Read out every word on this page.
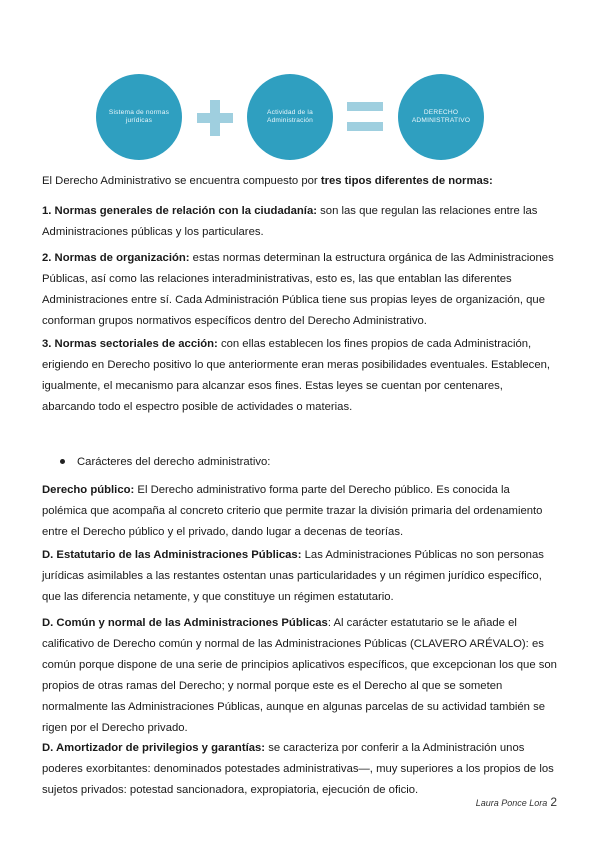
Sistema de normas jurídicas
Actividad de la Administración
DERECHO ADMINISTRATIVO

El Derecho Administrativo se encuentra compuesto por tres tipos diferentes de normas:

1. Normas generales de relación con la ciudadanía: son las que regulan las relaciones entre las Administraciones públicas y los particulares.

2. Normas de organización: estas normas determinan la estructura orgánica de las Administraciones Públicas, así como las relaciones interadministrativas, esto es, las que entablan las diferentes Administraciones entre sí. Cada Administración Pública tiene sus propias leyes de organización, que conforman grupos normativos específicos dentro del Derecho Administrativo.

3. Normas sectoriales de acción: con ellas establecen los fines propios de cada Administración, erigiendo en Derecho positivo lo que anteriormente eran meras posibilidades eventuales. Establecen, igualmente, el mecanismo para alcanzar esos fines. Estas leyes se cuentan por centenares, abarcando todo el espectro posible de actividades o materias.

Carácteres del derecho administrativo:

Derecho público: El Derecho administrativo forma parte del Derecho público. Es conocida la polémica que acompaña al concreto criterio que permite trazar la división primaria del ordenamiento entre el Derecho público y el privado, dando lugar a decenas de teorías.

D. Estatutario de las Administraciones Públicas: Las Administraciones Públicas no son personas jurídicas asimilables a las restantes ostentan unas particularidades y un régimen jurídico específico, que las diferencia netamente, y que constituye un régimen estatutario.

D. Común y normal de las Administraciones Públicas: Al carácter estatutario se le añade el calificativo de Derecho común y normal de las Administraciones Públicas (CLAVERO ARÉVALO): es común porque dispone de una serie de principios aplicativos específicos, que excepcionan los que son propios de otras ramas del Derecho; y normal porque este es el Derecho al que se someten normalmente las Administraciones Públicas, aunque en algunas parcelas de su actividad también se rigen por el Derecho privado.

D. Amortizador de privilegios y garantías: se caracteriza por conferir a la Administración unos poderes exorbitantes: denominados potestades administrativas—, muy superiores a los propios de los sujetos privados: potestad sancionadora, expropiatoria, ejecución de oficio.

Laura Ponce Lora 2
